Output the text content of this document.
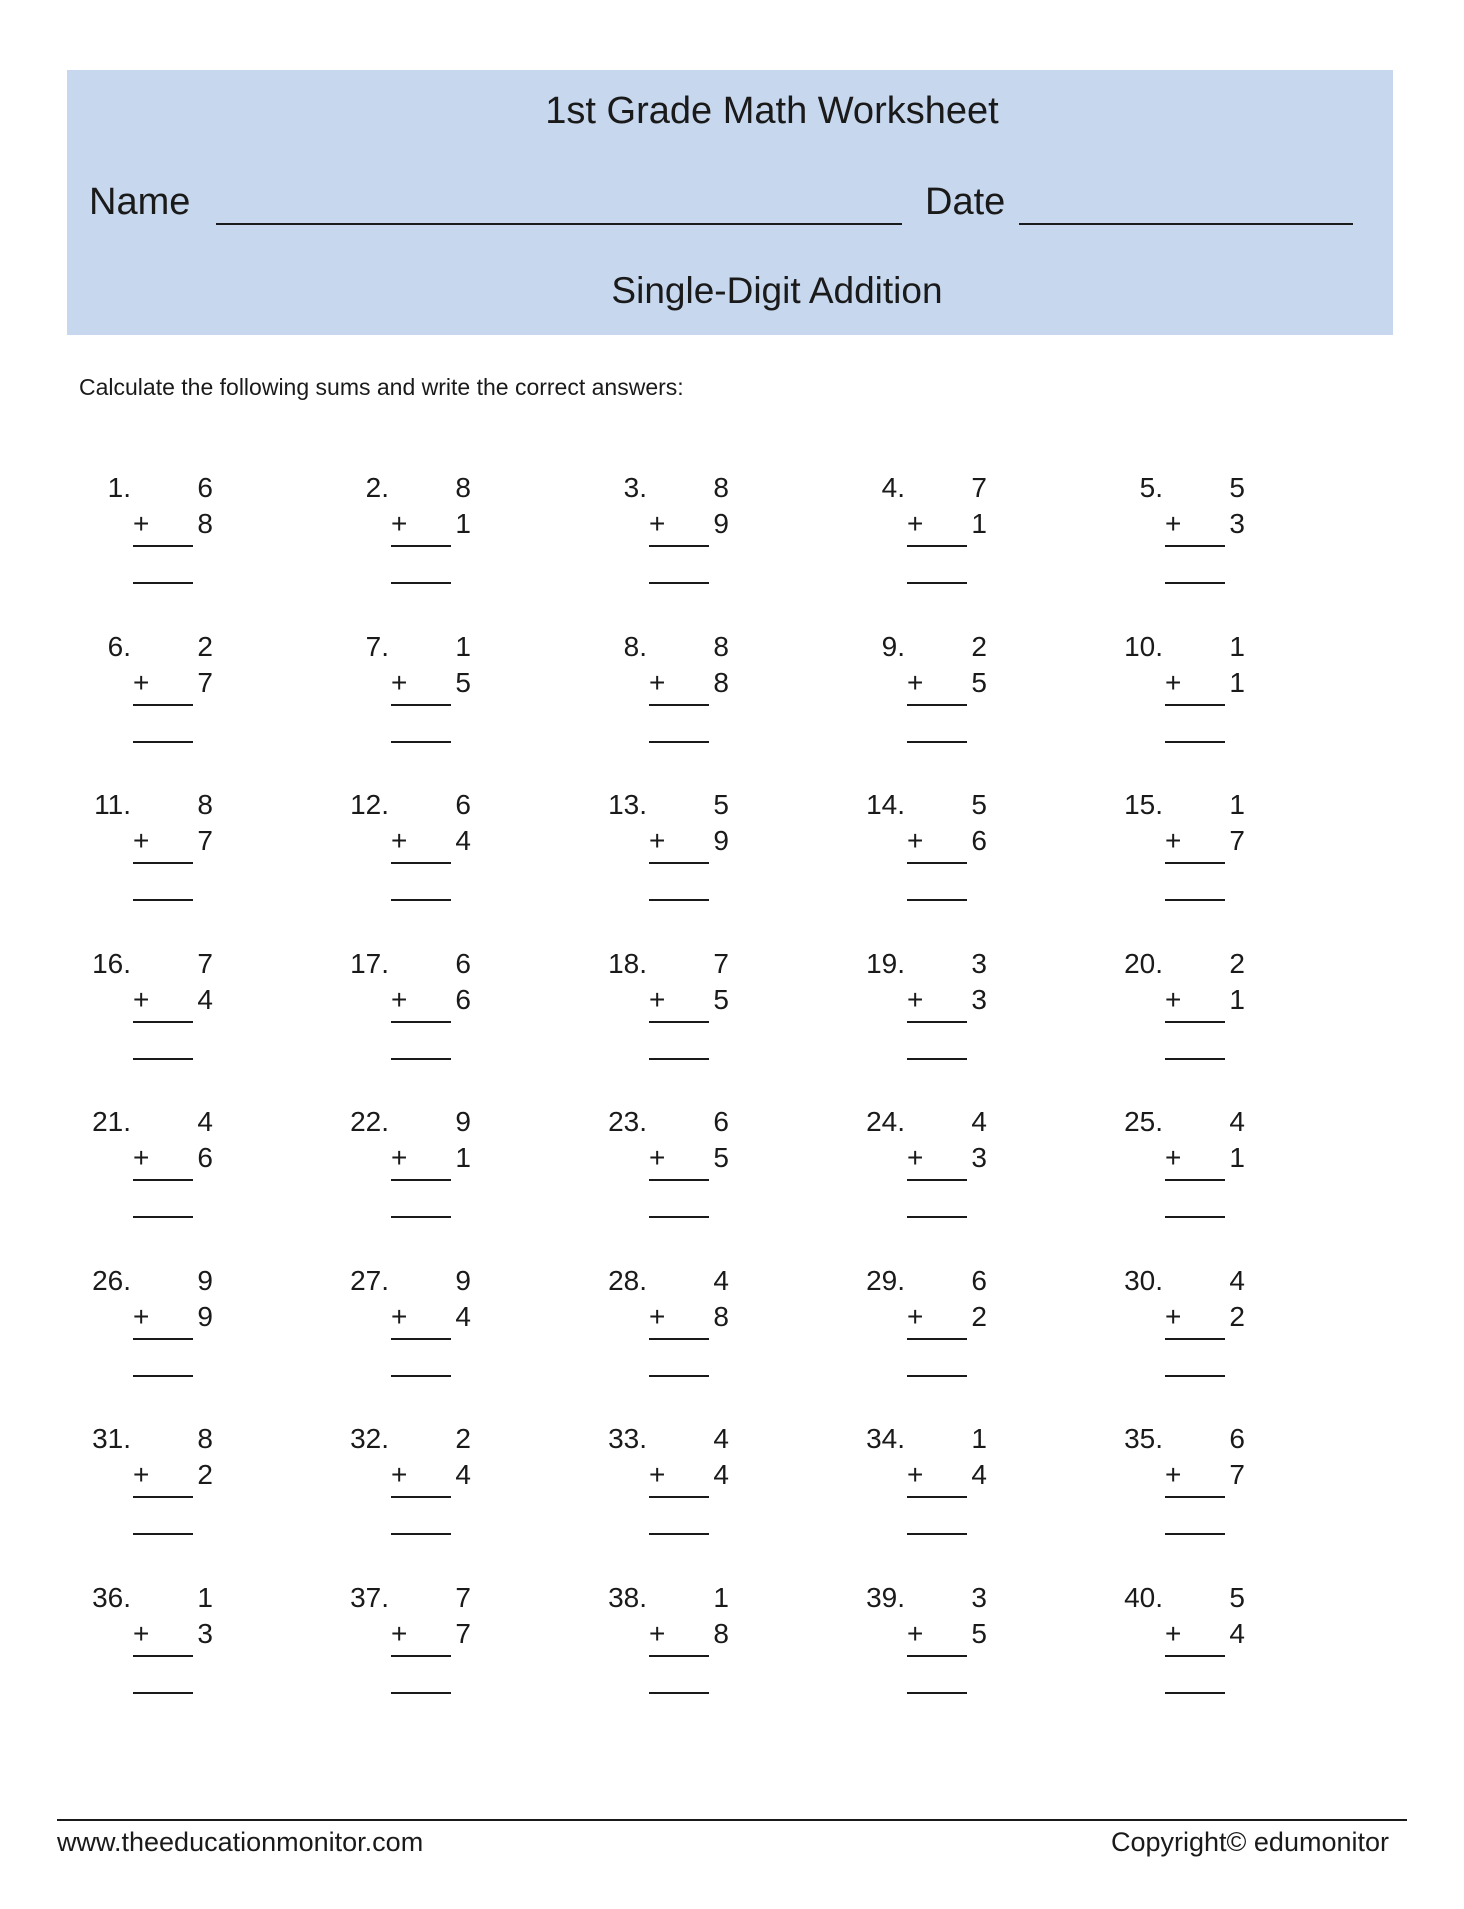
1st Grade Math Worksheet
Name	Date
Single-Digit Addition
Calculate the following sums and write the correct answers:
1.	6
+	8
2.	8
+	1
3.	8
+	9
4.	7
+	1
5.	5
+	3
6.	2
+	7
7.	1
+	5
8.	8
+	8
9.	2
+	5
10.	1
+	1
11.	8
+	7
12.	6
+	4
13.	5
+	9
14.	5
+	6
15.	1
+	7
16.	7
+	4
17.	6
+	6
18.	7
+	5
19.	3
+	3
20.	2
+	1
21.	4
+	6
22.	9
+	1
23.	6
+	5
24.	4
+	3
25.	4
+	1
26.	9
+	9
27.	9
+	4
28.	4
+	8
29.	6
+	2
30.	4
+	2
31.	8
+	2
32.	2
+	4
33.	4
+	4
34.	1
+	4
35.	6
+	7
36.	1
+	3
37.	7
+	7
38.	1
+	8
39.	3
+	5
40.	5
+	4
www.theeducationmonitor.com	Copyright© edumonitor
